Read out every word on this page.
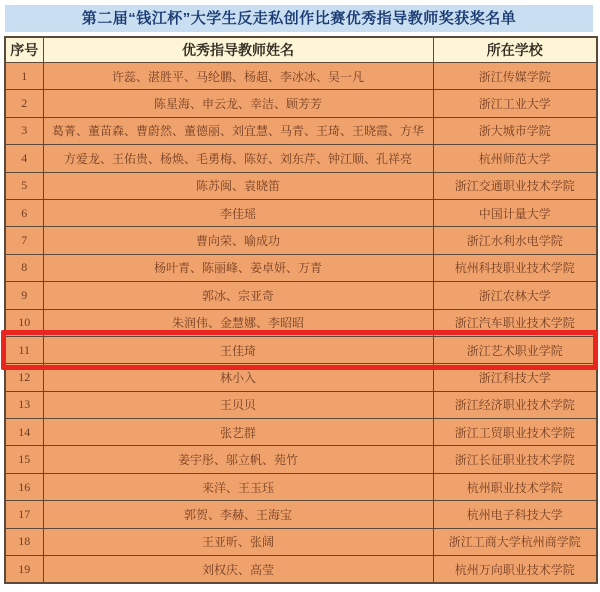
第二届“钱江杯”大学生反走私创作比赛优秀指导教师奖获奖名单
序号	优秀指导教师姓名	所在学校
1	许蕊、湛胜平、马纶鹏、杨超、李冰冰、吴一凡	浙江传媒学院
2	陈星海、申云龙、幸洁、顾芳芳	浙江工业大学
3	葛菁、董苗森、曹蔚然、董德丽、刘宜慧、马青、王琦、王晓霞、方华	浙大城市学院
4	方爱龙、王佑贵、杨焕、毛勇梅、陈好、刘东芹、钟江顺、孔祥亮	杭州师范大学
5	陈苏闽、袁晓笛	浙江交通职业技术学院
6	李佳瑶	中国计量大学
7	曹向荣、喻成功	浙江水利水电学院
8	杨叶青、陈丽峰、姜卓妍、万青	杭州科技职业技术学院
9	郭冰、宗亚奇	浙江农林大学
10	朱润伟、金慧娜、李昭昭	浙江汽车职业技术学院
11	王佳琦	浙江艺术职业学院
12	林小入	浙江科技大学
13	王贝贝	浙江经济职业技术学院
14	张艺群	浙江工贸职业技术学院
15	姜宇彤、邬立帆、苑竹	浙江长征职业技术学院
16	来洋、王玉珏	杭州职业技术学院
17	郭贺、李赫、王海宝	杭州电子科技大学
18	王亚昕、张阔	浙江工商大学杭州商学院
19	刘权庆、高莹	杭州万向职业技术学院
